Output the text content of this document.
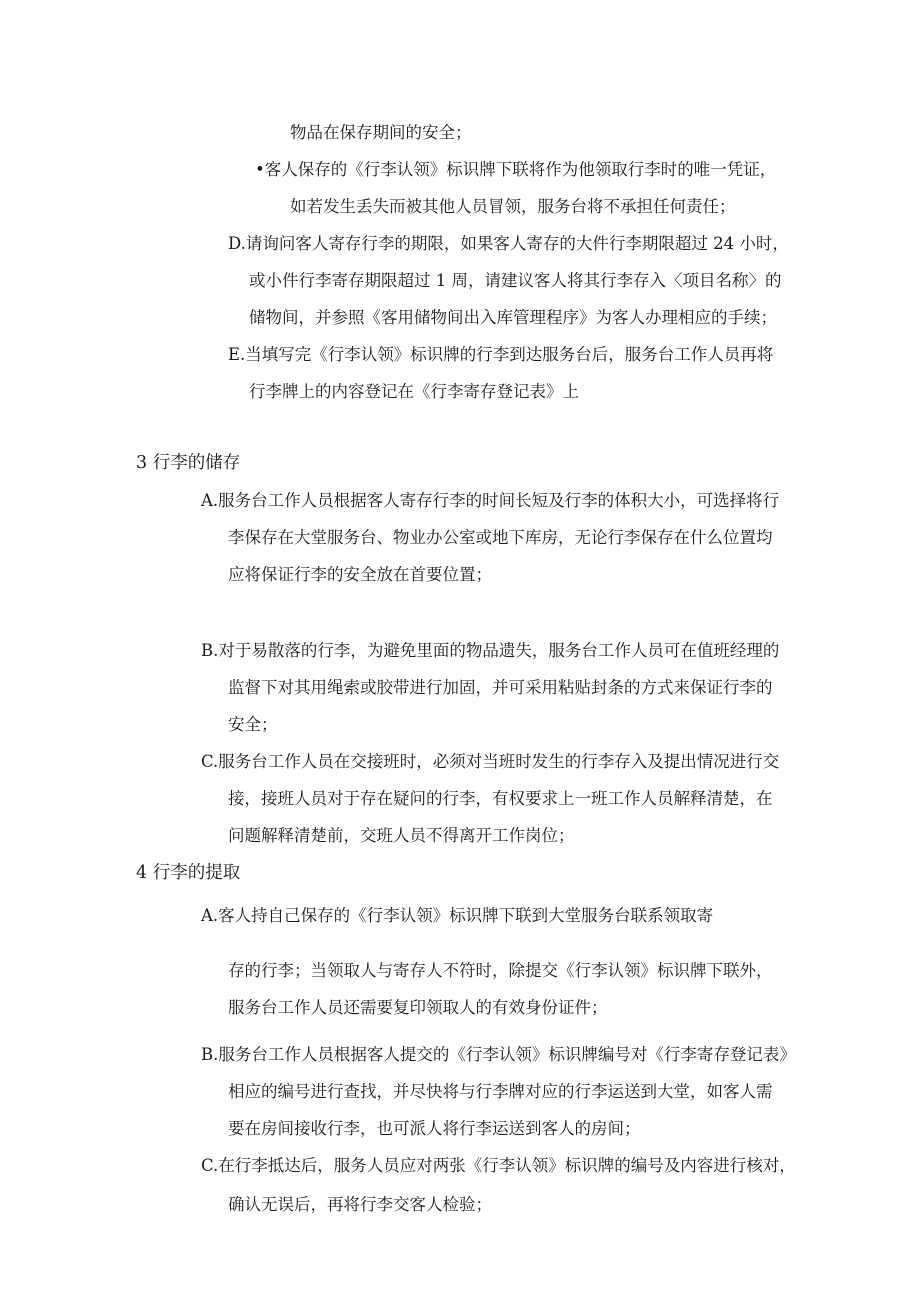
物品在保存期间的安全；
•客人保存的《行李认领》标识牌下联将作为他领取行李时的唯一凭证，
如若发生丢失而被其他人员冒领，服务台将不承担任何责任；
D.请询问客人寄存行李的期限，如果客人寄存的大件行李期限超过 24 小时，
或小件行李寄存期限超过 1 周，请建议客人将其行李存入〈项目名称〉的
储物间，并参照《客用储物间出入库管理程序》为客人办理相应的手续；
E.当填写完《行李认领》标识牌的行李到达服务台后，服务台工作人员再将
行李牌上的内容登记在《行李寄存登记表》上
3 行李的储存
A.服务台工作人员根据客人寄存行李的时间长短及行李的体积大小，可选择将行
李保存在大堂服务台、物业办公室或地下库房，无论行李保存在什么位置均
应将保证行李的安全放在首要位置；
B.对于易散落的行李，为避免里面的物品遗失，服务台工作人员可在值班经理的
监督下对其用绳索或胶带进行加固，并可采用粘贴封条的方式来保证行李的
安全；
C.服务台工作人员在交接班时，必须对当班时发生的行李存入及提出情况进行交
接，接班人员对于存在疑问的行李，有权要求上一班工作人员解释清楚，在
问题解释清楚前，交班人员不得离开工作岗位；
4 行李的提取
A.客人持自己保存的《行李认领》标识牌下联到大堂服务台联系领取寄
存的行李；当领取人与寄存人不符时，除提交《行李认领》标识牌下联外，
服务台工作人员还需要复印领取人的有效身份证件；
B.服务台工作人员根据客人提交的《行李认领》标识牌编号对《行李寄存登记表》
相应的编号进行查找，并尽快将与行李牌对应的行李运送到大堂，如客人需
要在房间接收行李，也可派人将行李运送到客人的房间；
C.在行李抵达后，服务人员应对两张《行李认领》标识牌的编号及内容进行核对，
确认无误后，再将行李交客人检验；
